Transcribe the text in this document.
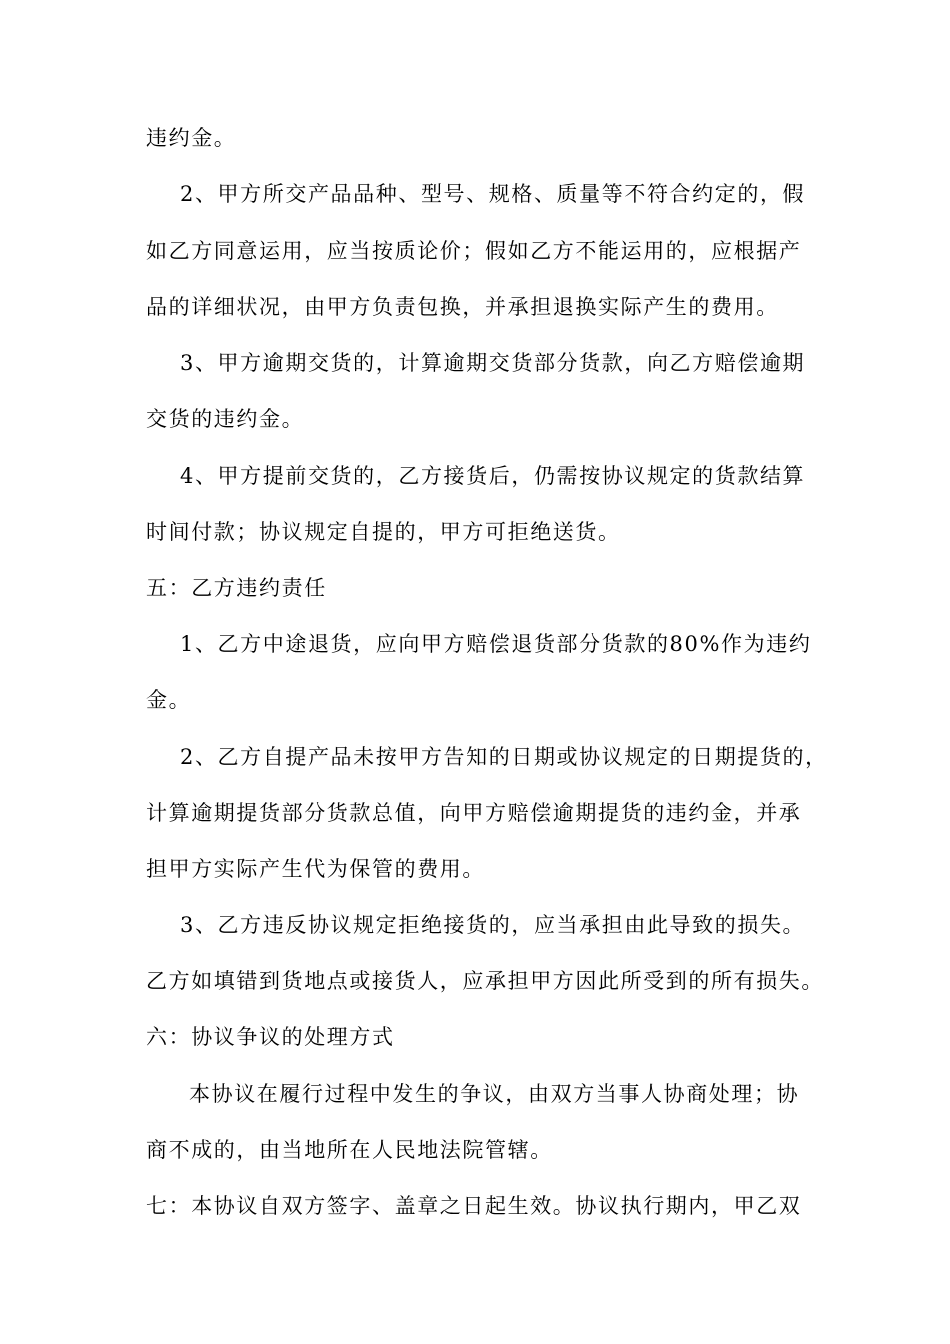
违约金。
2、甲方所交产品品种、型号、规格、质量等不符合约定的，假
如乙方同意运用，应当按质论价；假如乙方不能运用的，应根据产
品的详细状况，由甲方负责包换，并承担退换实际产生的费用。
3、甲方逾期交货的，计算逾期交货部分货款，向乙方赔偿逾期
交货的违约金。
4、甲方提前交货的，乙方接货后，仍需按协议规定的货款结算
时间付款；协议规定自提的，甲方可拒绝送货。
五：乙方违约责任
1、乙方中途退货，应向甲方赔偿退货部分货款的80%作为违约
金。
2、乙方自提产品未按甲方告知的日期或协议规定的日期提货的，
计算逾期提货部分货款总值，向甲方赔偿逾期提货的违约金，并承
担甲方实际产生代为保管的费用。
3、乙方违反协议规定拒绝接货的，应当承担由此导致的损失。
乙方如填错到货地点或接货人，应承担甲方因此所受到的所有损失。
六：协议争议的处理方式
本协议在履行过程中发生的争议，由双方当事人协商处理；协
商不成的，由当地所在人民地法院管辖。
七：本协议自双方签字、盖章之日起生效。协议执行期内，甲乙双
